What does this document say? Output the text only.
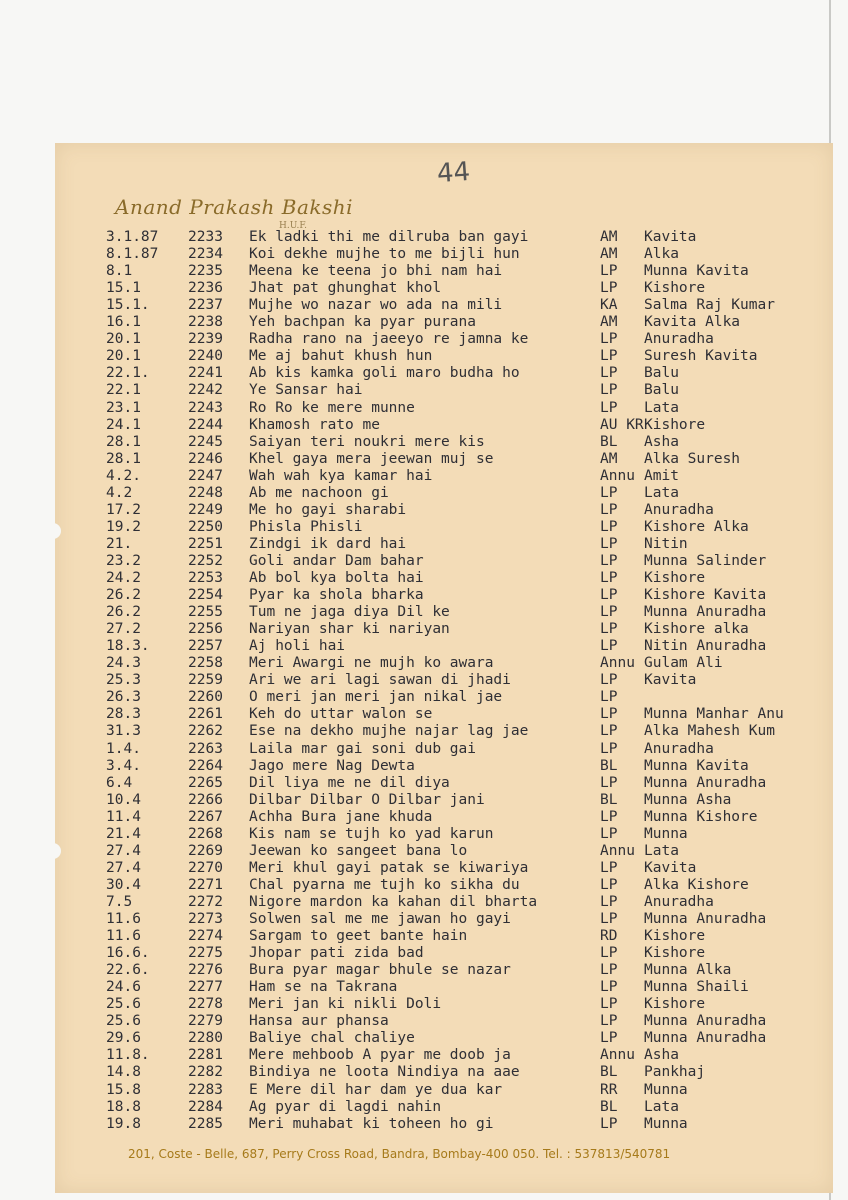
44
Anand Prakash Bakshi
H.U.F.
3.1.87 2233 Ek ladki thi me dilruba ban gayi	AM Kavita
8.1.87 2234 Koi dekhe mujhe to me bijli hun	AM Alka
8.1	2235 Meena ke teena jo bhi nam hai	LP Munna Kavita
15.1	2236 Jhat pat ghunghat khol	LP Kishore
15.1.	2237 Mujhe wo nazar wo ada na mili	KA Salma Raj Kumar
16.1	2238 Yeh bachpan ka pyar purana	AM Kavita Alka
20.1	2239 Radha rano na jaeeyo re jamna ke	LP Anuradha
20.1	2240 Me aj bahut khush hun	LP Suresh Kavita
22.1.	2241 Ab kis kamka goli maro budha ho	LP Balu
22.1	2242 Ye Sansar hai	LP Balu
23.1	2243 Ro Ro ke mere munne	LP Lata
24.1	2244 Khamosh rato me	AU KR Kishore
28.1	2245 Saiyan teri noukri mere kis	BL Asha
28.1	2246 Khel gaya mera jeewan muj se	AM Alka Suresh
4.2.	2247 Wah wah kya kamar hai	Annu Amit
4.2	2248 Ab me nachoon gi	LP Lata
17.2	2249 Me ho gayi sharabi	LP Anuradha
19.2	2250 Phisla Phisli	LP Kishore Alka
21.	2251 Zindgi ik dard hai	LP Nitin
23.2	2252 Goli andar Dam bahar	LP Munna Salinder
24.2	2253 Ab bol kya bolta hai	LP Kishore
26.2	2254 Pyar ka shola bharka	LP Kishore Kavita
26.2	2255 Tum ne jaga diya Dil ke	LP Munna Anuradha
27.2	2256 Nariyan shar ki nariyan	LP Kishore alka
18.3.	2257 Aj holi hai	LP Nitin Anuradha
24.3	2258 Meri Awargi ne mujh ko awara	Annu Gulam Ali
25.3	2259 Ari we ari lagi sawan di jhadi	LP Kavita
26.3	2260 O meri jan meri jan nikal jae	LP
28.3	2261 Keh do uttar walon se	LP Munna Manhar Anu
31.3	2262 Ese na dekho mujhe najar lag jae	LP Alka Mahesh Kum
1.4.	2263 Laila mar gai soni dub gai	LP Anuradha
3.4.	2264 Jago mere Nag Dewta	BL Munna Kavita
6.4	2265 Dil liya me ne dil diya	LP Munna Anuradha
10.4	2266 Dilbar Dilbar O Dilbar jani	BL Munna Asha
11.4	2267 Achha Bura jane khuda	LP Munna Kishore
21.4	2268 Kis nam se tujh ko yad karun	LP Munna
27.4	2269 Jeewan ko sangeet bana lo	Annu Lata
27.4	2270 Meri khul gayi patak se kiwariya	LP Kavita
30.4	2271 Chal pyarna me tujh ko sikha du	LP Alka Kishore
7.5	2272 Nigore mardon ka kahan dil bharta	LP Anuradha
11.6	2273 Solwen sal me me jawan ho gayi	LP Munna Anuradha
11.6	2274 Sargam to geet bante hain	RD Kishore
16.6.	2275 Jhopar pati zida bad	LP Kishore
22.6.	2276 Bura pyar magar bhule se nazar	LP Munna Alka
24.6	2277 Ham se na Takrana	LP Munna Shaili
25.6	2278 Meri jan ki nikli Doli	LP Kishore
25.6	2279 Hansa aur phansa	LP Munna Anuradha
29.6	2280 Baliye chal chaliye	LP Munna Anuradha
11.8.	2281 Mere mehboob A pyar me doob ja	Annu Asha
14.8	2282 Bindiya ne loota Nindiya na aae	BL Pankhaj
15.8	2283 E Mere dil har dam ye dua kar	RR Munna
18.8	2284 Ag pyar di lagdi nahin	BL Lata
19.8	2285 Meri muhabat ki toheen ho gi	LP Munna
201, Coste - Belle, 687, Perry Cross Road, Bandra, Bombay-400 050. Tel. : 537813/540781
